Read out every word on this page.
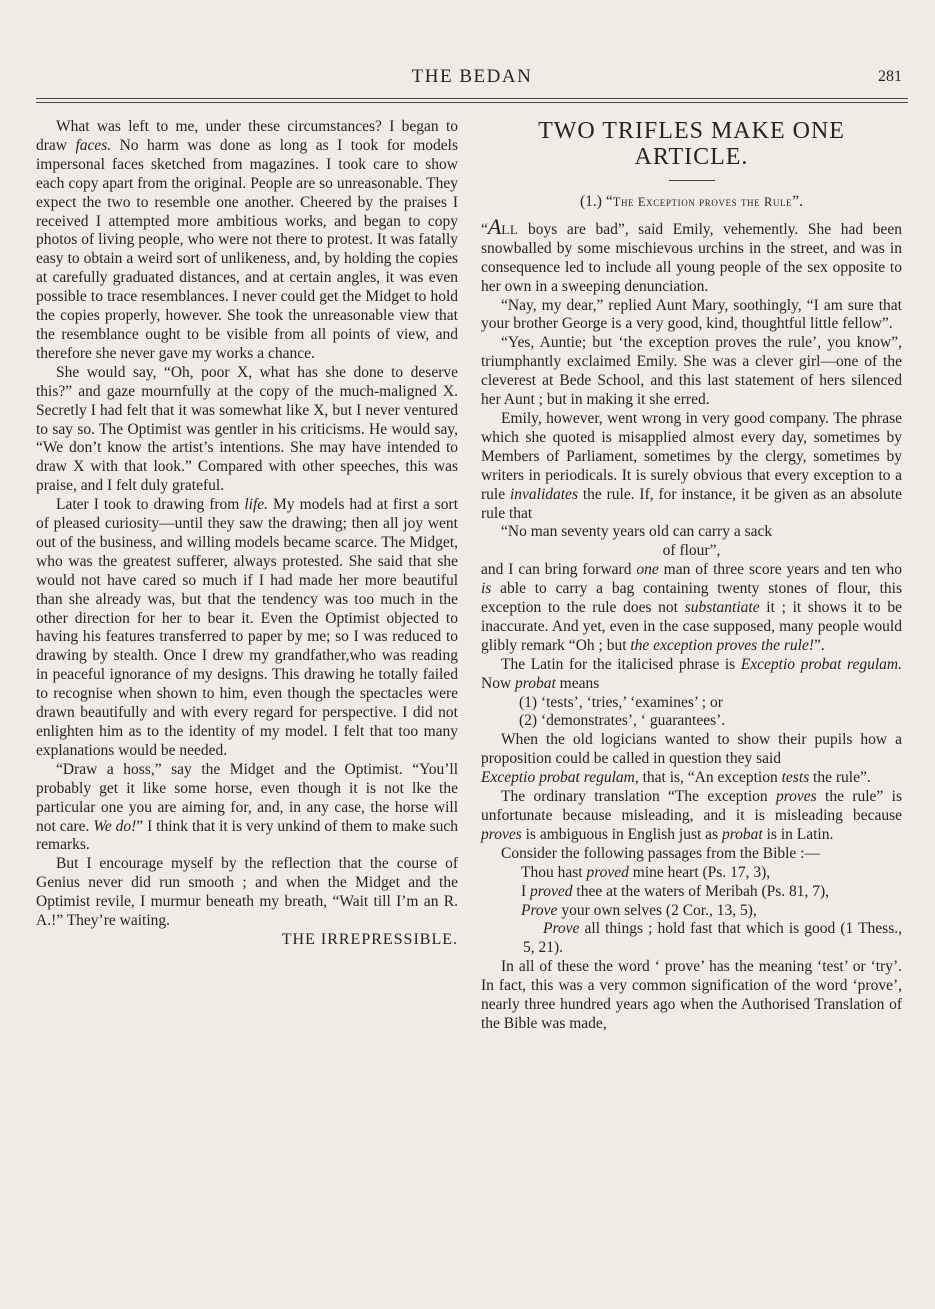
THE BEDAN	281

What was left to me, under these circumstances? I began to draw faces. No harm was done as long as I took for models impersonal faces sketched from magazines. I took care to show each copy apart from the original. People are so unreasonable. They expect the two to resemble one another. Cheered by the praises I received I attempted more ambitious works, and began to copy photos of living people, who were not there to protest. It was fatally easy to obtain a weird sort of unlikeness, and, by holding the copies at carefully graduated distances, and at certain angles, it was even possible to trace resemblances. I never could get the Midget to hold the copies properly, however. She took the unreasonable view that the resemblance ought to be visible from all points of view, and therefore she never gave my works a chance.

She would say, “Oh, poor X, what has she done to deserve this?” and gaze mournfully at the copy of the much-maligned X. Secretly I had felt that it was somewhat like X, but I never ventured to say so. The Optimist was gentler in his criticisms. He would say, “We don’t know the artist’s intentions. She may have intended to draw X with that look.” Compared with other speeches, this was praise, and I felt duly grateful.

Later I took to drawing from life. My models had at first a sort of pleased curiosity—until they saw the drawing; then all joy went out of the business, and willing models became scarce. The Midget, who was the greatest sufferer, always protested. She said that she would not have cared so much if I had made her more beautiful than she already was, but that the tendency was too much in the other direction for her to bear it. Even the Optimist objected to having his features transferred to paper by me; so I was reduced to drawing by stealth. Once I drew my grandfather,who was reading in peaceful ignorance of my designs. This drawing he totally failed to recognise when shown to him, even though the spectacles were drawn beautifully and with every regard for perspective. I did not enlighten him as to the identity of my model. I felt that too many explanations would be needed.

“Draw a hoss,” say the Midget and the Optimist. “You’ll probably get it like some horse, even though it is not lke the particular one you are aiming for, and, in any case, the horse will not care. We do!” I think that it is very unkind of them to make such remarks.

But I encourage myself by the reflection that the course of Genius never did run smooth ; and when the Midget and the Optimist revile, I murmur beneath my breath, “Wait till I’m an R. A.!” They’re waiting.

THE IRREPRESSIBLE.
TWO TRIFLES MAKE ONE
ARTICLE.
(1.) “The Exception proves the Rule”.

“ALL boys are bad”, said Emily, vehemently. She had been snowballed by some mischievous urchins in the street, and was in consequence led to include all young people of the sex opposite to her own in a sweeping denunciation.

“Nay, my dear,” replied Aunt Mary, soothingly, “I am sure that your brother George is a very good, kind, thoughtful little fellow”.

“Yes, Auntie; but ‘the exception proves the rule’, you know”, triumphantly exclaimed Emily. She was a clever girl—one of the cleverest at Bede School, and this last statement of hers silenced her Aunt ; but in making it she erred.

Emily, however, went wrong in very good company. The phrase which she quoted is misapplied almost every day, sometimes by Members of Parliament, sometimes by the clergy, sometimes by writers in periodicals. It is surely obvious that every exception to a rule invalidates the rule. If, for instance, it be given as an absolute rule that

“No man seventy years old can carry a sack

of flour”,

and I can bring forward one man of three score years and ten who is able to carry a bag containing twenty stones of flour, this exception to the rule does not substantiate it ; it shows it to be inaccurate. And yet, even in the case supposed, many people would glibly remark “Oh ; but the exception proves the rule!”.

The Latin for the italicised phrase is Exceptio probat regulam. Now probat means

(1) ‘tests’, ‘tries,’ ‘examines’ ; or

(2) ‘demonstrates’, ‘ guarantees’.

When the old logicians wanted to show their pupils how a proposition could be called in question they said

Exceptio probat regulam, that is, “An exception tests the rule”.

The ordinary translation “The exception proves the rule” is unfortunate because misleading, and it is misleading because proves is ambiguous in English just as probat is in Latin.

Consider the following passages from the Bible :—

Thou hast proved mine heart (Ps. 17, 3),

I proved thee at the waters of Meribah (Ps. 81, 7),

Prove your own selves (2 Cor., 13, 5),

Prove all things ; hold fast that which is good (1 Thess., 5, 21).

In all of these the word ‘ prove’ has the meaning ‘test’ or ‘try’. In fact, this was a very common signification of the word ‘prove’, nearly three hundred years ago when the Authorised Translation of the Bible was made,
